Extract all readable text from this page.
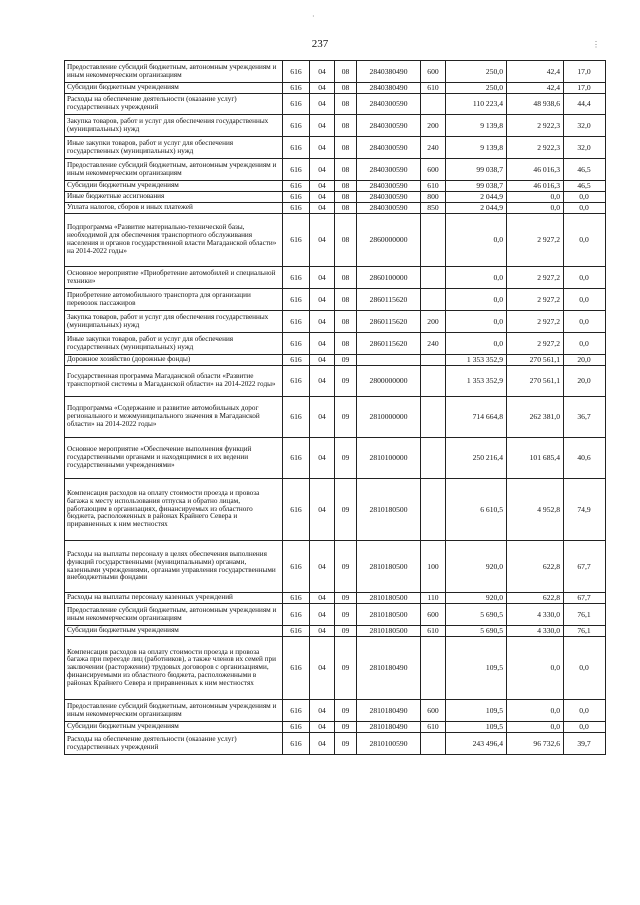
237
·
⋮
Предоставление субсидий бюджетным, автономным учреждениям и иным некоммерческим организациям	616	04	08	2840380490	600	250,0	42,4	17,0
Субсидии бюджетным учреждениям	616	04	08	2840380490	610	250,0	42,4	17,0
Расходы на обеспечение деятельности (оказание услуг) государственных учреждений	616	04	08	2840300590		110 223,4	48 938,6	44,4
Закупка товаров, работ и услуг для обеспечения государственных (муниципальных) нужд	616	04	08	2840300590	200	9 139,8	2 922,3	32,0
Иные закупки товаров, работ и услуг для обеспечения государственных (муниципальных) нужд	616	04	08	2840300590	240	9 139,8	2 922,3	32,0
Предоставление субсидий бюджетным, автономным учреждениям и иным некоммерческим организациям	616	04	08	2840300590	600	99 038,7	46 016,3	46,5
Субсидии бюджетным учреждениям	616	04	08	2840300590	610	99 038,7	46 016,3	46,5
Иные бюджетные ассигнования	616	04	08	2840300590	800	2 044,9	0,0	0,0
Уплата налогов, сборов и иных платежей	616	04	08	2840300590	850	2 044,9	0,0	0,0
Подпрограмма «Развитие материально-технической базы, необходимой для обеспечения транспортного обслуживания населения и органов государственной власти Магаданской области» на 2014-2022 годы»	616	04	08	2860000000		0,0	2 927,2	0,0
Основное мероприятие «Приобретение автомобилей и специальной техники»	616	04	08	2860100000		0,0	2 927,2	0,0
Приобретение автомобильного транспорта для организации перевозок пассажиров	616	04	08	2860115620		0,0	2 927,2	0,0
Закупка товаров, работ и услуг для обеспечения государственных (муниципальных) нужд	616	04	08	2860115620	200	0,0	2 927,2	0,0
Иные закупки товаров, работ и услуг для обеспечения государственных (муниципальных) нужд	616	04	08	2860115620	240	0,0	2 927,2	0,0
Дорожное хозяйство (дорожные фонды)	616	04	09			1 353 352,9	270 561,1	20,0
Государственная программа Магаданской области «Развитие транспортной системы в Магаданской области» на 2014-2022 годы»	616	04	09	2800000000		1 353 352,9	270 561,1	20,0
Подпрограмма «Содержание и развитие автомобильных дорог регионального и межмуниципального значения в Магаданской области» на 2014-2022 годы»	616	04	09	2810000000		714 664,8	262 381,0	36,7
Основное мероприятие «Обеспечение выполнения функций государственными органами и находящимися в их ведении государственными учреждениями»	616	04	09	2810100000		250 216,4	101 685,4	40,6
Компенсация расходов на оплату стоимости проезда и провоза багажа к месту использования отпуска и обратно лицам, работающим в организациях, финансируемых из областного бюджета, расположенных в районах Крайнего Севера и приравненных к ним местностях	616	04	09	2810180500		6 610,5	4 952,8	74,9
Расходы на выплаты персоналу в целях обеспечения выполнения функций государственными (муниципальными) органами, казенными учреждениями, органами управления государственными внебюджетными фондами	616	04	09	2810180500	100	920,0	622,8	67,7
Расходы на выплаты персоналу казенных учреждений	616	04	09	2810180500	110	920,0	622,8	67,7
Предоставление субсидий бюджетным, автономным учреждениям и иным некоммерческим организациям	616	04	09	2810180500	600	5 690,5	4 330,0	76,1
Субсидии бюджетным учреждениям	616	04	09	2810180500	610	5 690,5	4 330,0	76,1
Компенсация расходов на оплату стоимости проезда и провоза багажа при переезде лиц (работников), а также членов их семей при заключении (расторжении) трудовых договоров с организациями, финансируемыми из областного бюджета, расположенными в районах Крайнего Севера и приравненных к ним местностях	616	04	09	2810180490		109,5	0,0	0,0
Предоставление субсидий бюджетным, автономным учреждениям и иным некоммерческим организациям	616	04	09	2810180490	600	109,5	0,0	0,0
Субсидии бюджетным учреждениям	616	04	09	2810180490	610	109,5	0,0	0,0
Расходы на обеспечение деятельности (оказание услуг) государственных учреждений	616	04	09	2810100590		243 496,4	96 732,6	39,7
